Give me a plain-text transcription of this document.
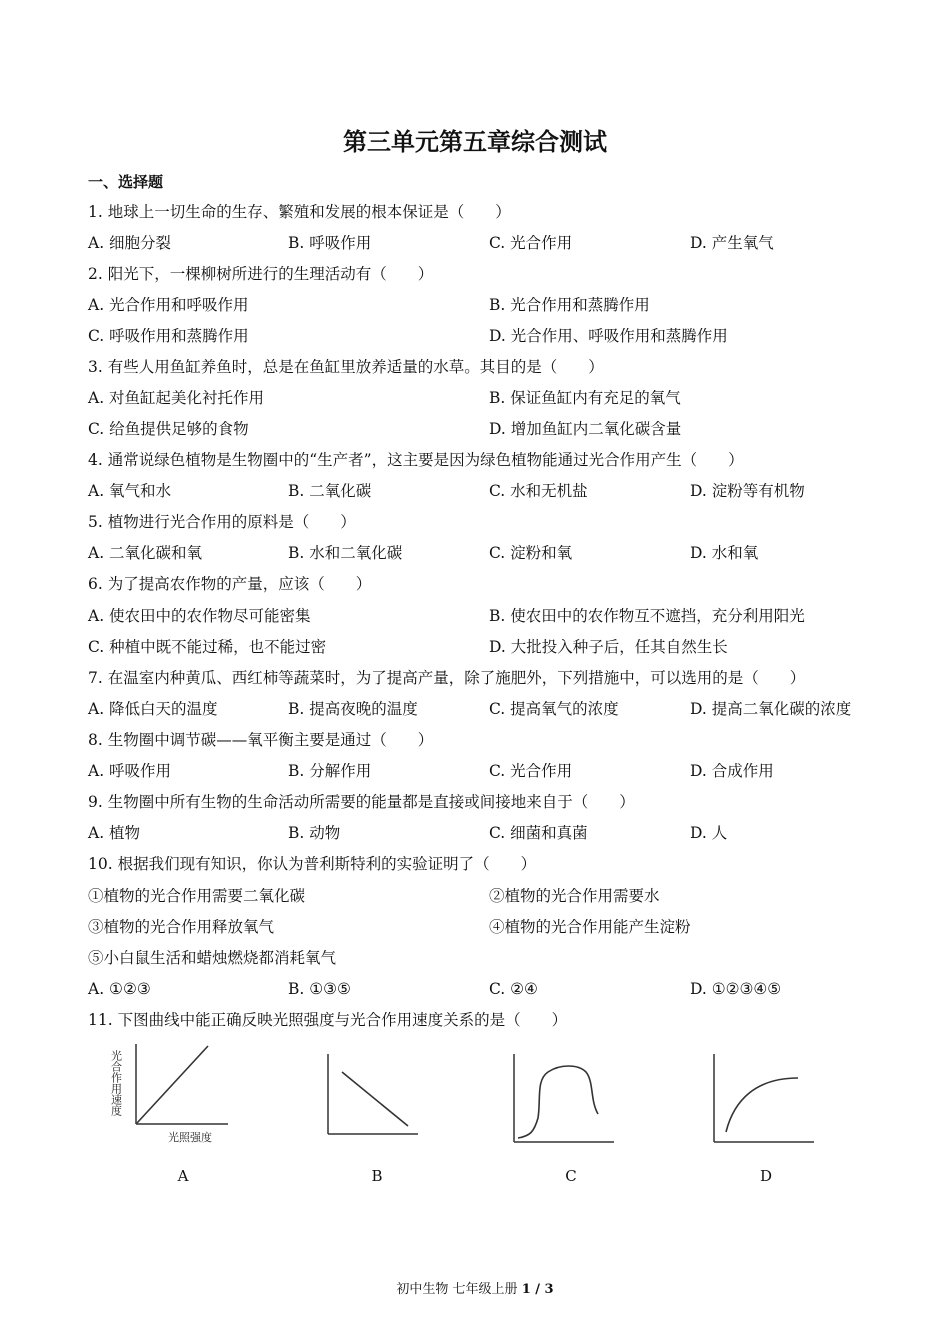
第三单元第五章综合测试
一、选择题
1. 地球上一切生命的生存、繁殖和发展的根本保证是（　　）
A. 细胞分裂	B. 呼吸作用	C. 光合作用	D. 产生氧气
2. 阳光下，一棵柳树所进行的生理活动有（　　）
A. 光合作用和呼吸作用	B. 光合作用和蒸腾作用
C. 呼吸作用和蒸腾作用	D. 光合作用、呼吸作用和蒸腾作用
3. 有些人用鱼缸养鱼时，总是在鱼缸里放养适量的水草。其目的是（　　）
A. 对鱼缸起美化衬托作用	B. 保证鱼缸内有充足的氧气
C. 给鱼提供足够的食物	D. 增加鱼缸内二氧化碳含量
4. 通常说绿色植物是生物圈中的“生产者”，这主要是因为绿色植物能通过光合作用产生（　　）
A. 氧气和水	B. 二氧化碳	C. 水和无机盐	D. 淀粉等有机物
5. 植物进行光合作用的原料是（　　）
A. 二氧化碳和氧	B. 水和二氧化碳	C. 淀粉和氧	D. 水和氧
6. 为了提高农作物的产量，应该（　　）
A. 使农田中的农作物尽可能密集	B. 使农田中的农作物互不遮挡，充分利用阳光
C. 种植中既不能过稀，也不能过密	D. 大批投入种子后，任其自然生长
7. 在温室内种黄瓜、西红柿等蔬菜时，为了提高产量，除了施肥外，下列措施中，可以选用的是（　　）
A. 降低白天的温度	B. 提高夜晚的温度	C. 提高氧气的浓度	D. 提高二氧化碳的浓度
8. 生物圈中调节碳——氧平衡主要是通过（　　）
A. 呼吸作用	B. 分解作用	C. 光合作用	D. 合成作用
9. 生物圈中所有生物的生命活动所需要的能量都是直接或间接地来自于（　　）
A. 植物	B. 动物	C. 细菌和真菌	D. 人
10. 根据我们现有知识，你认为普利斯特利的实验证明了（　　）
①植物的光合作用需要二氧化碳	②植物的光合作用需要水
③植物的光合作用释放氧气	④植物的光合作用能产生淀粉
⑤小白鼠生活和蜡烛燃烧都消耗氧气
A. ①②③	B. ①③⑤	C. ②④	D. ①②③④⑤
11. 下图曲线中能正确反映光照强度与光合作用速度关系的是（　　）
光合作用速度
光照强度
A	B	C	D
初中生物 七年级上册 1 / 3
